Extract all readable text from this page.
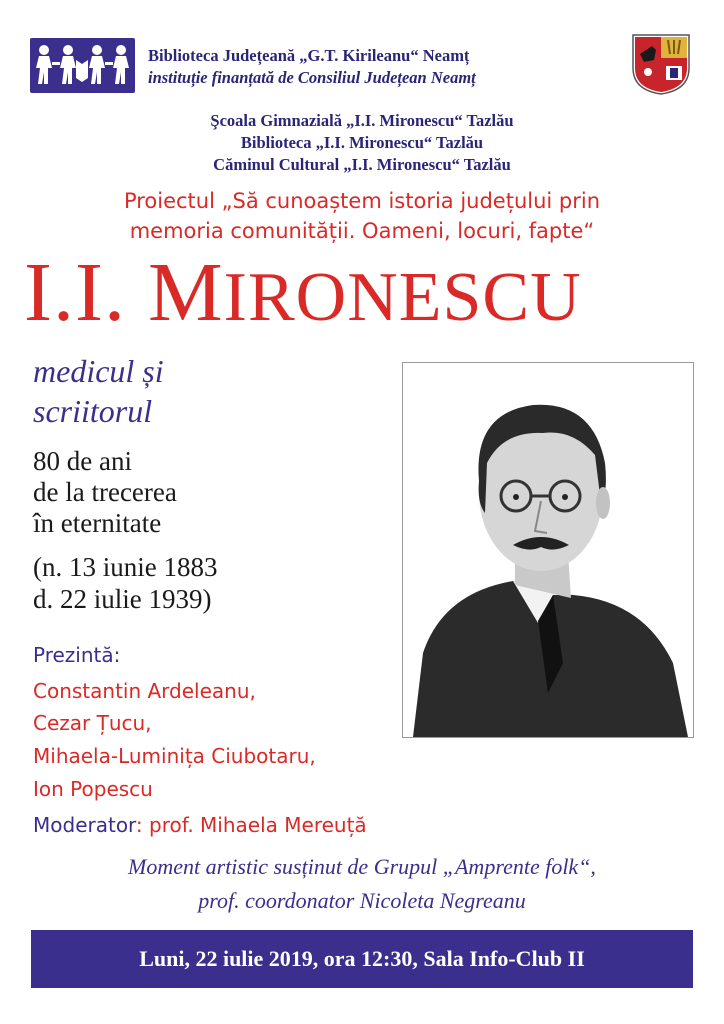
Biblioteca Județeană „G.T. Kirileanu“ Neamț
instituție finanțată de Consiliul Județean Neamț
Şcoala Gimnazială „I.I. Mironescu“ Tazlău
Biblioteca „I.I. Mironescu“ Tazlău
Căminul Cultural „I.I. Mironescu“ Tazlău
Proiectul „Să cunoaștem istoria județului prin
memoria comunității. Oameni, locuri, fapte“
I.I. MIRONESCU
medicul și
scriitorul
80 de ani
de la trecerea
în eternitate
(n. 13 iunie 1883
d. 22 iulie 1939)
Prezintă:
Constantin Ardeleanu,
Cezar Țucu,
Mihaela-Luminița Ciubotaru,
Ion Popescu
Moderator: prof. Mihaela Mereuță
Moment artistic susținut de Grupul „Amprente folk“,
prof. coordonator Nicoleta Negreanu
Luni, 22 iulie 2019, ora 12:30, Sala Info-Club II
